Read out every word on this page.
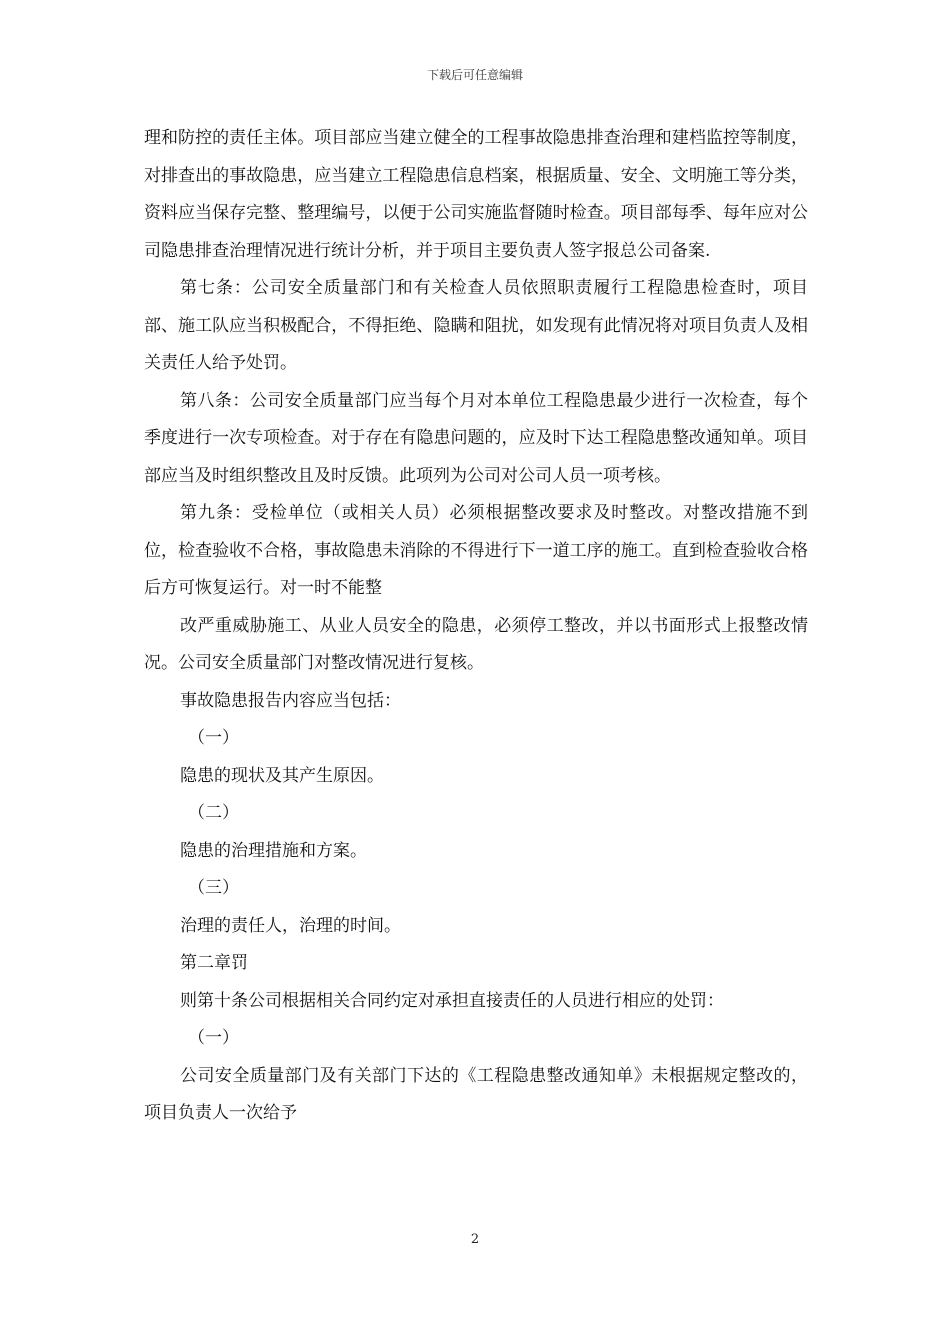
下载后可任意编辑

理和防控的责任主体。项目部应当建立健全的工程事故隐患排查治理和建档监控等制度，对排查出的事故隐患，应当建立工程隐患信息档案，根据质量、安全、文明施工等分类，资料应当保存完整、整理编号，以便于公司实施监督随时检查。项目部每季、每年应对公司隐患排查治理情况进行统计分析，并于项目主要负责人签字报总公司备案.

第七条：公司安全质量部门和有关检查人员依照职责履行工程隐患检查时，项目部、施工队应当积极配合，不得拒绝、隐瞒和阻扰，如发现有此情况将对项目负责人及相关责任人给予处罚。

第八条：公司安全质量部门应当每个月对本单位工程隐患最少进行一次检查，每个季度进行一次专项检查。对于存在有隐患问题的，应及时下达工程隐患整改通知单。项目部应当及时组织整改且及时反馈。此项列为公司对公司人员一项考核。

第九条：受检单位（或相关人员）必须根据整改要求及时整改。对整改措施不到位，检查验收不合格，事故隐患未消除的不得进行下一道工序的施工。直到检查验收合格后方可恢复运行。对一时不能整

改严重威胁施工、从业人员安全的隐患，必须停工整改，并以书面形式上报整改情况。公司安全质量部门对整改情况进行复核。

事故隐患报告内容应当包括：

（一）

隐患的现状及其产生原因。

（二）

隐患的治理措施和方案。

（三）

治理的责任人，治理的时间。

第二章罚

则第十条公司根据相关合同约定对承担直接责任的人员进行相应的处罚：

（一）

公司安全质量部门及有关部门下达的《工程隐患整改通知单》未根据规定整改的，项目负责人一次给予

2
